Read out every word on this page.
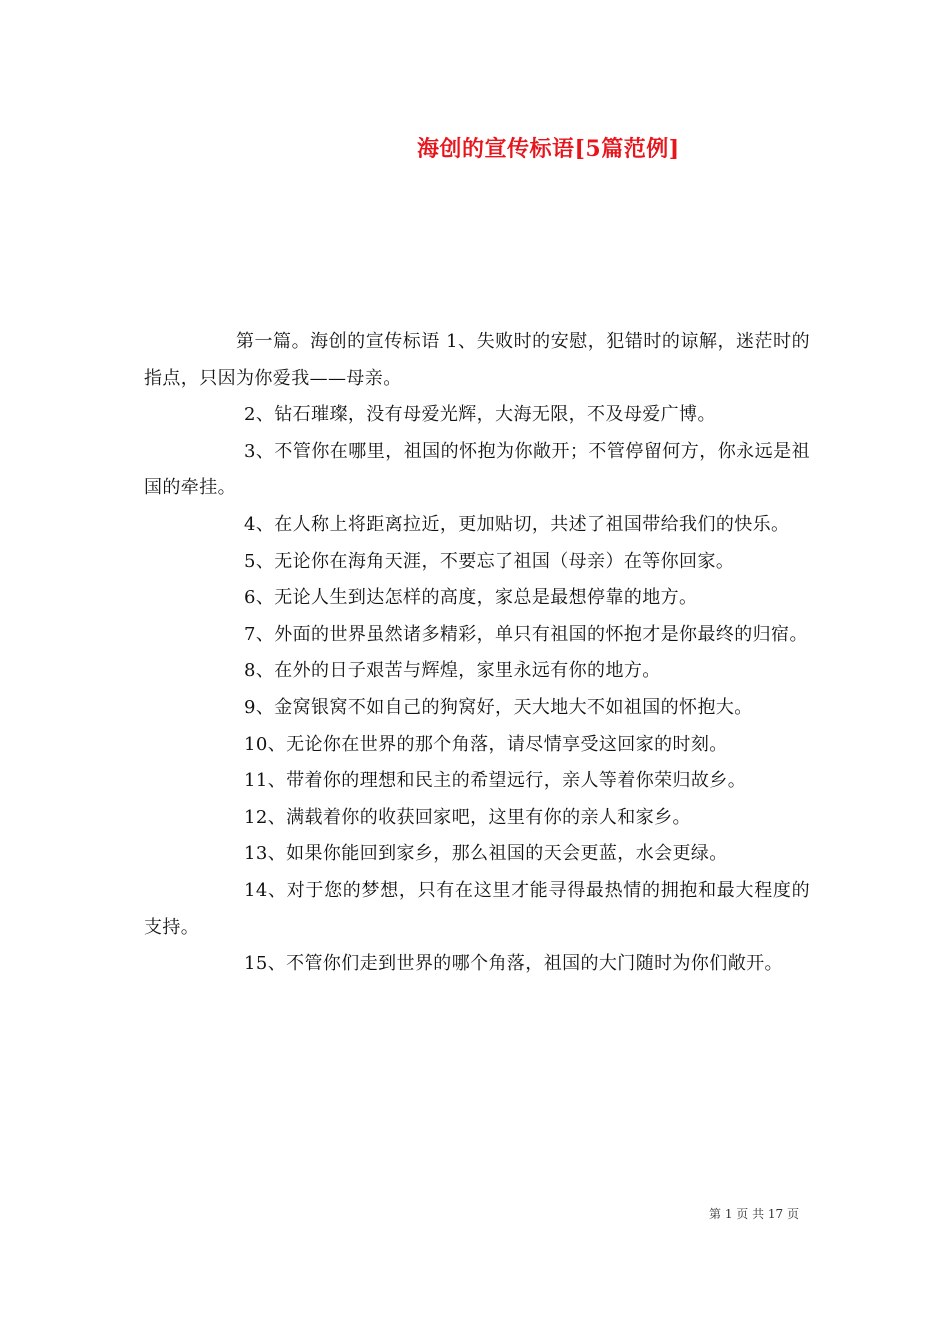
海创的宣传标语[5篇范例]

第一篇。海创的宣传标语 1、失败时的安慰，犯错时的谅解，迷茫时的指点，只因为你爱我——母亲。

2、钻石璀璨，没有母爱光辉，大海无限，不及母爱广博。

3、不管你在哪里，祖国的怀抱为你敞开；不管停留何方，你永远是祖国的牵挂。

4、在人称上将距离拉近，更加贴切，共述了祖国带给我们的快乐。

5、无论你在海角天涯，不要忘了祖国（母亲）在等你回家。

6、无论人生到达怎样的高度，家总是最想停靠的地方。

7、外面的世界虽然诸多精彩，单只有祖国的怀抱才是你最终的归宿。

8、在外的日子艰苦与辉煌，家里永远有你的地方。

9、金窝银窝不如自己的狗窝好，天大地大不如祖国的怀抱大。

10、无论你在世界的那个角落，请尽情享受这回家的时刻。

11、带着你的理想和民主的希望远行，亲人等着你荣归故乡。

12、满载着你的收获回家吧，这里有你的亲人和家乡。

13、如果你能回到家乡，那么祖国的天会更蓝，水会更绿。

14、对于您的梦想，只有在这里才能寻得最热情的拥抱和最大程度的支持。

15、不管你们走到世界的哪个角落，祖国的大门随时为你们敞开。

第 1 页 共 17 页
